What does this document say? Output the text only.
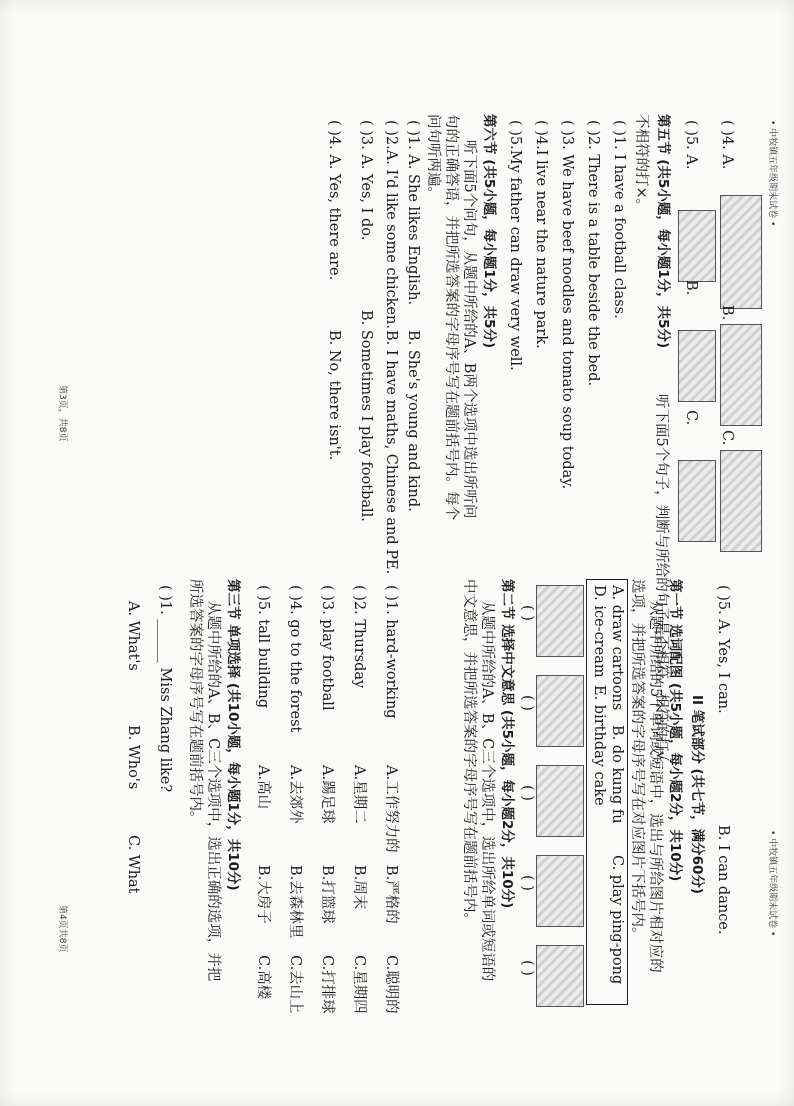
• 中牧镇五年级期末试卷 •
• 中牧镇五年级期末试卷 •
第3页，共8页
第4页共8页
( )4. A.
B.
C.
( )5. A.
B.
C.
第五节 (共5小题，每小题1分，共5分)
听下面5个句子，判断与所给的句子是否相符。相符的打√,
不相符的打×。
( )1. I have a football class.
( )2. There is a table beside the bed.
( )3. We have beef noodles and tomato soup today.
( )4.I live near the nature park.
( )5.My father can draw very well.
第六节 (共5小题，每小题1分，共5分)
听下面5个问句，从题中所给的A、B两个选项中选出所听问
句的正确答语，并把所选答案的字母序号写在题前括号内。每个
问句听两遍。
( )1. A. She likes English.
B. She's young and kind.
( )2.A. I'd like some chicken.
B. I have maths, Chinese and PE.
( )3. A. Yes, I do.
B. Sometimes I play football.
( )4. A. Yes, there are.
B. No, there isn't.
( )5. A. Yes, I can.
B. I can dance.
II 笔试部分 (共七节，满分60分)
第一节 选词配图 (共5小题，每小题2分，共10分)
从题中所给的5个单词或短语中，选出与所给图片相对应的
选项，并把所选答案的字母序号写在对应图片下括号内。
A. draw cartoons
B. do kung fu
C. play ping-pong
D. ice-cream
E. birthday cake
( )
( )
( )
( )
( )
第二节 选择中文意思 (共5小题，每小题2分，共10分)
从题中所给的A、B、C三个选项中，选出所给单词或短语的
中文意思，并把所选答案的字母序号写在题前括号内。
( )1. hard-working
A.工作努力的
B.严格的
C.聪明的
( )2. Thursday
A.星期二
B.周末
C.星期四
( )3. play football
A.踢足球
B.打篮球
C.打排球
( )4. go to the forest
A.去郊外
B.去森林里
C.去山上
( )5. tall building
A.高山
B.大房子
C.高楼
第三节 单项选择 (共10小题，每小题1分，共10分)
从题中所给的A、B、C三个选项中，选出正确的选项，并把
所选答案的字母序号写在题前括号内。
( )1. ______ Miss Zhang like?
A. What's
B. Who's
C. What
